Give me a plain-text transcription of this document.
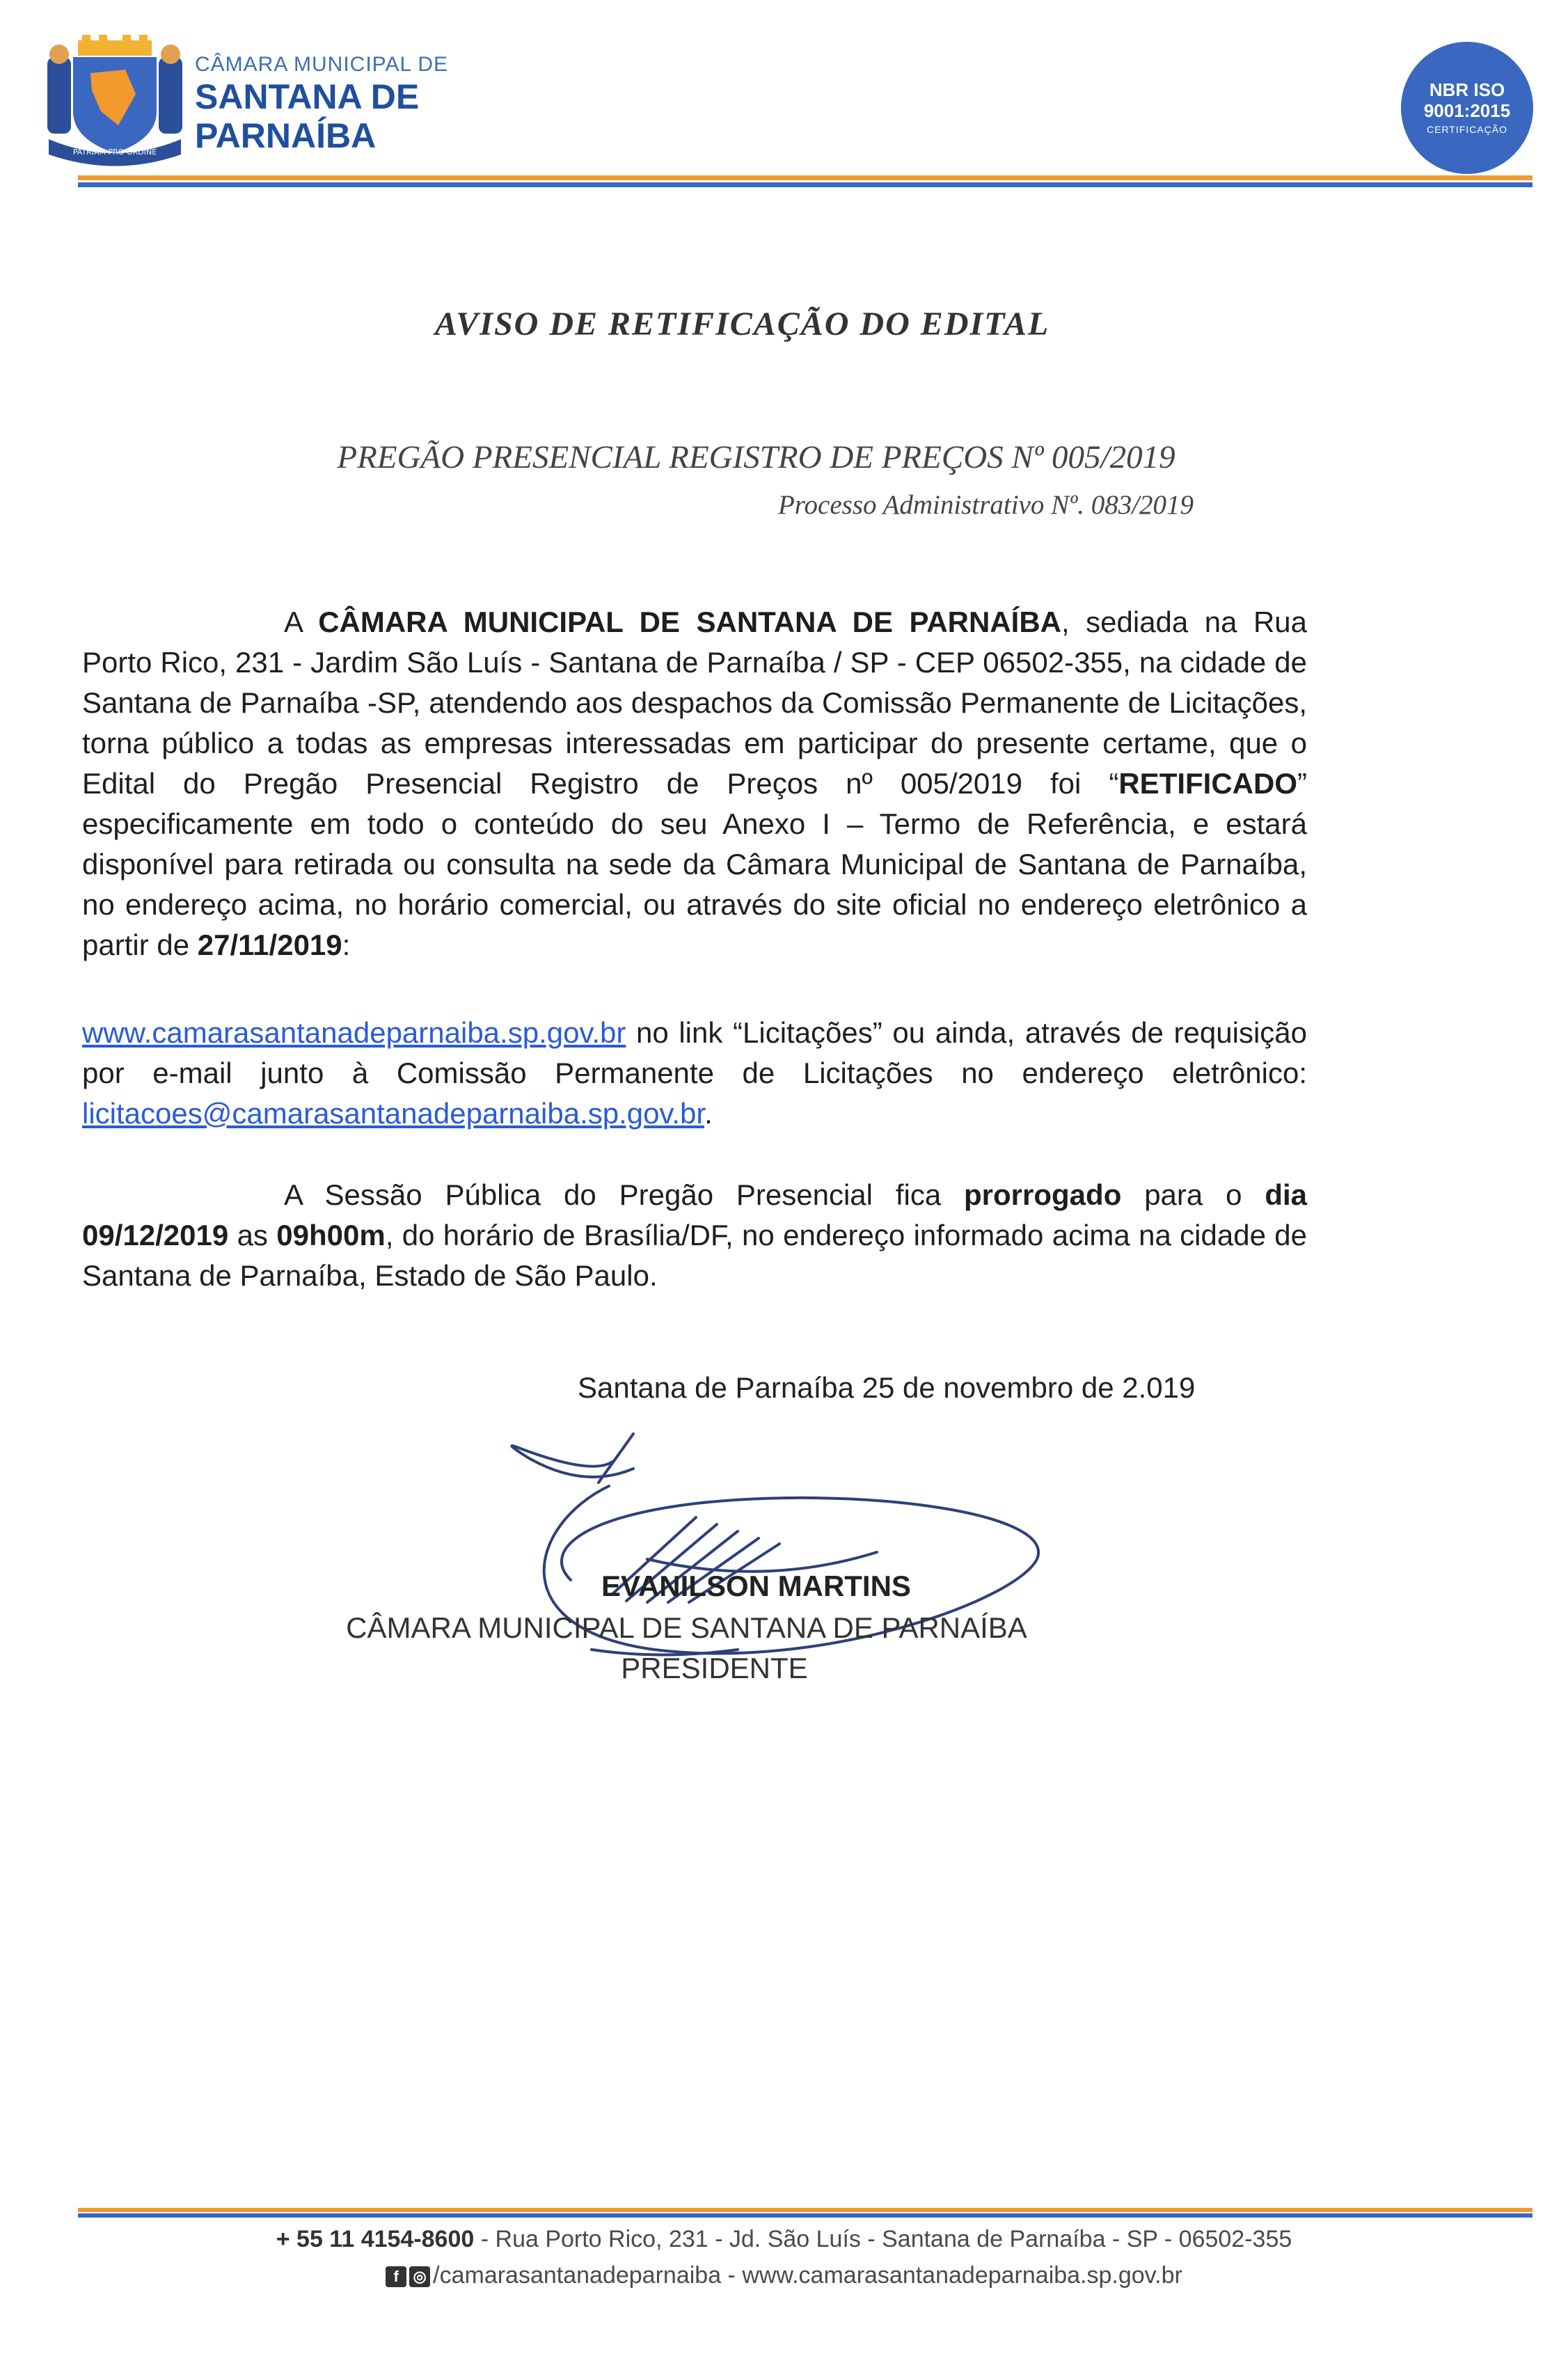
PATRIAM PRO ORDINE
CÂMARA MUNICIPAL DE
SANTANA DE
PARNAÍBA
NBR ISO
9001:2015
CERTIFICAÇÃO
AVISO DE RETIFICAÇÃO DO EDITAL
PREGÃO PRESENCIAL REGISTRO DE PREÇOS Nº 005/2019
Processo Administrativo Nº. 083/2019
A CÂMARA MUNICIPAL DE SANTANA DE PARNAÍBA, sediada na Rua Porto Rico, 231 - Jardim São Luís - Santana de Parnaíba / SP - CEP 06502-355, na cidade de Santana de Parnaíba -SP, atendendo aos despachos da Comissão Permanente de Licitações, torna público a todas as empresas interessadas em participar do presente certame, que o Edital do Pregão Presencial Registro de Preços nº 005/2019 foi “RETIFICADO” especificamente em todo o conteúdo do seu Anexo I – Termo de Referência, e estará disponível para retirada ou consulta na sede da Câmara Municipal de Santana de Parnaíba, no endereço acima, no horário comercial, ou através do site oficial no endereço eletrônico a partir de 27/11/2019:
www.camarasantanadeparnaiba.sp.gov.br no link “Licitações” ou ainda, através de requisição por e-mail junto à Comissão Permanente de Licitações no endereço eletrônico: licitacoes@camarasantanadeparnaiba.sp.gov.br.
A Sessão Pública do Pregão Presencial fica prorrogado para o dia 09/12/2019 as 09h00m, do horário de Brasília/DF, no endereço informado acima na cidade de Santana de Parnaíba, Estado de São Paulo.
Santana de Parnaíba 25 de novembro de 2.019
EVANILSON MARTINS
CÂMARA MUNICIPAL DE SANTANA DE PARNAÍBA
PRESIDENTE
+ 55 11 4154-8600 - Rua Porto Rico, 231 - Jd. São Luís - Santana de Parnaíba - SP - 06502-355
f ◎ /camarasantanadeparnaiba - www.camarasantanadeparnaiba.sp.gov.br
